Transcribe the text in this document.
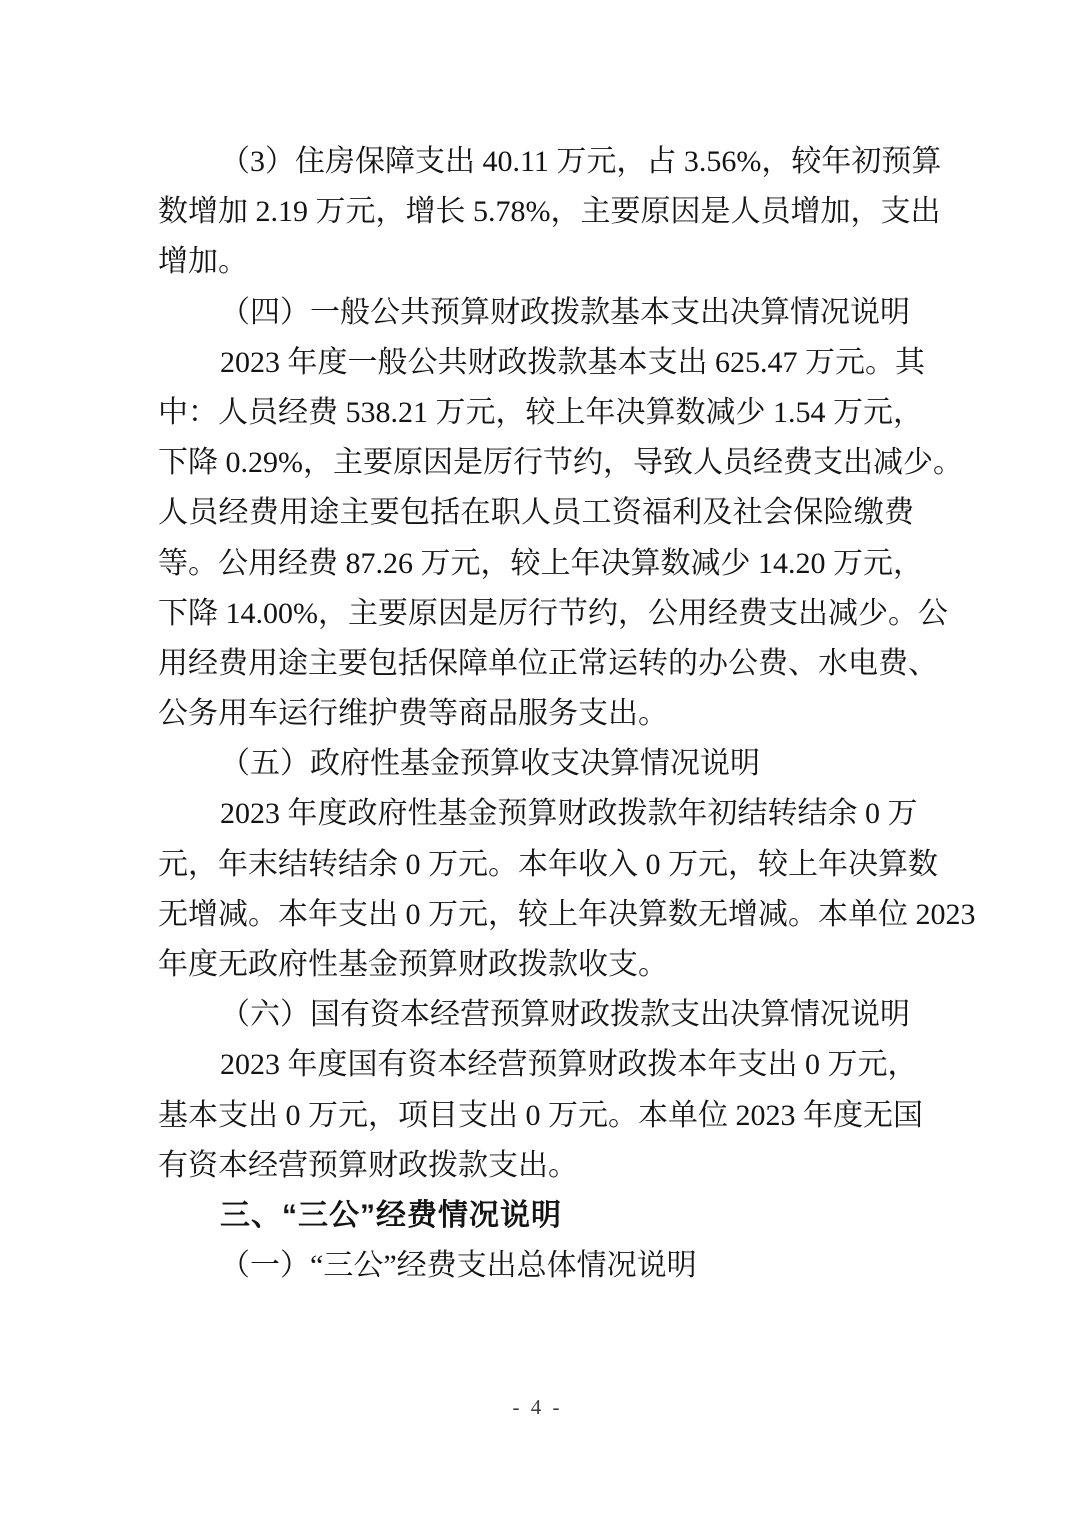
（3）住房保障支出 40.11 万元，占 3.56%，较年初预算
数增加 2.19 万元，增长 5.78%，主要原因是人员增加，支出
增加。
（四）一般公共预算财政拨款基本支出决算情况说明
2023 年度一般公共财政拨款基本支出 625.47 万元。其
中：人员经费 538.21 万元，较上年决算数减少 1.54 万元，
下降 0.29%，主要原因是厉行节约，导致人员经费支出减少。
人员经费用途主要包括在职人员工资福利及社会保险缴费
等。公用经费 87.26 万元，较上年决算数减少 14.20 万元，
下降 14.00%，主要原因是厉行节约，公用经费支出减少。公
用经费用途主要包括保障单位正常运转的办公费、水电费、
公务用车运行维护费等商品服务支出。
（五）政府性基金预算收支决算情况说明
2023 年度政府性基金预算财政拨款年初结转结余 0 万
元，年末结转结余 0 万元。本年收入 0 万元，较上年决算数
无增减。本年支出 0 万元，较上年决算数无增减。本单位 2023
年度无政府性基金预算财政拨款收支。
（六）国有资本经营预算财政拨款支出决算情况说明
2023 年度国有资本经营预算财政拨本年支出 0 万元，
基本支出 0 万元，项目支出 0 万元。本单位 2023 年度无国
有资本经营预算财政拨款支出。
三、“三公”经费情况说明
（一）“三公”经费支出总体情况说明
- 4 -
